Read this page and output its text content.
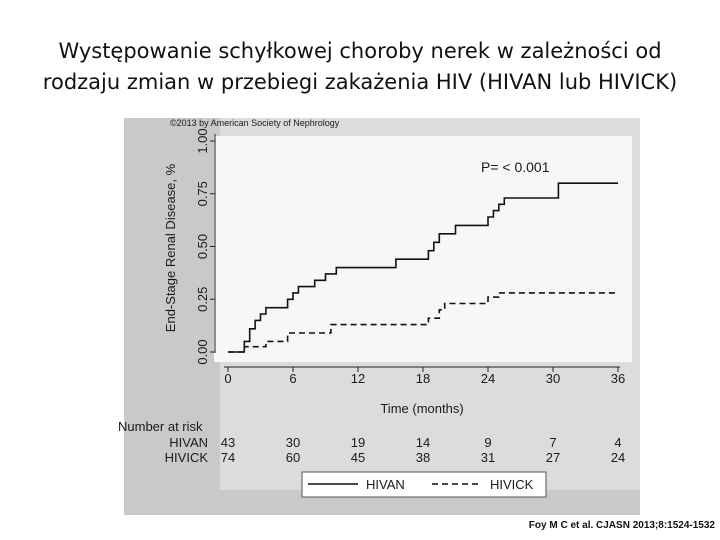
Występowanie schyłkowej choroby nerek w zależności od
rodzaju zmian w przebiegi zakażenia HIV (HIVAN lub HIVICK)
©2013 by American Society of Nephrology
P= < 0.001
End-Stage Renal Disease, %
Time (months)
0.00
0.25
0.50
0.75
1.00
0	6	12	18	24	30	36
Number at risk
HIVAN 43	30	19	14	9	7	4
HIVICK 74	60	45	38	31	27	24
HIVAN	HIVICK
Foy M C et al. CJASN 2013;8:1524-1532
